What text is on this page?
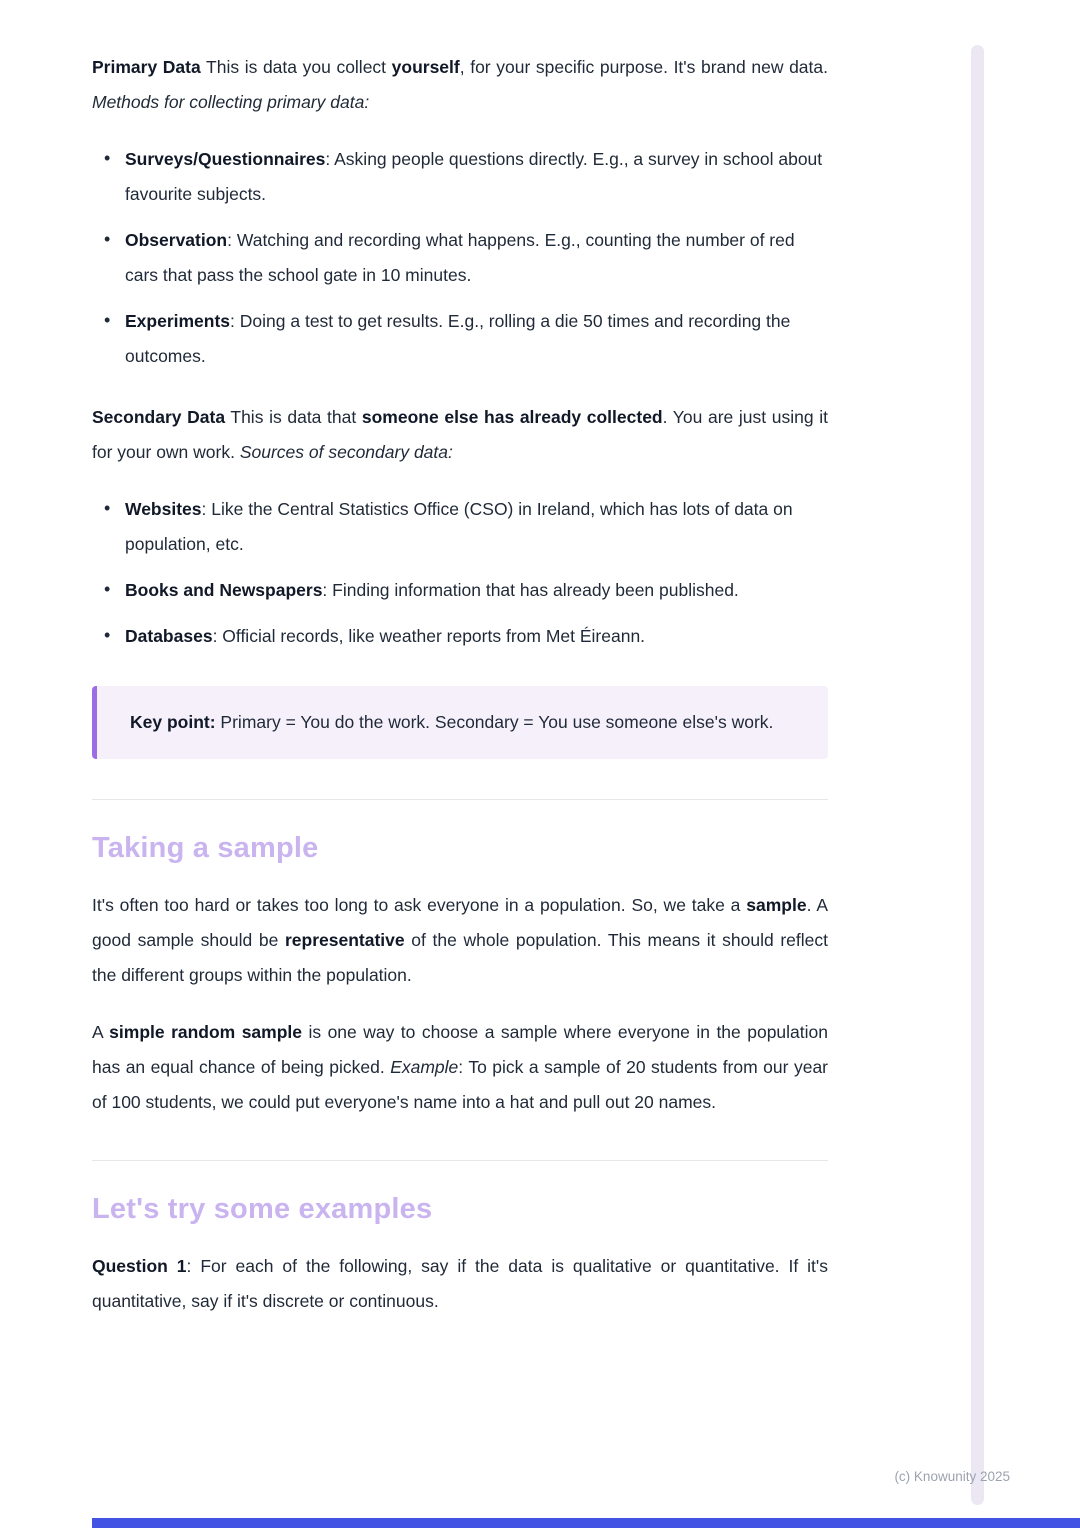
Primary Data This is data you collect yourself, for your specific purpose. It's brand new data. Methods for collecting primary data:

• Surveys/Questionnaires: Asking people questions directly. E.g., a survey in school about favourite subjects.
• Observation: Watching and recording what happens. E.g., counting the number of red cars that pass the school gate in 10 minutes.
• Experiments: Doing a test to get results. E.g., rolling a die 50 times and recording the outcomes.

Secondary Data This is data that someone else has already collected. You are just using it for your own work. Sources of secondary data:

• Websites: Like the Central Statistics Office (CSO) in Ireland, which has lots of data on population, etc.
• Books and Newspapers: Finding information that has already been published.
• Databases: Official records, like weather reports from Met Éireann.

Key point: Primary = You do the work. Secondary = You use someone else's work.

Taking a sample

It's often too hard or takes too long to ask everyone in a population. So, we take a sample. A good sample should be representative of the whole population. This means it should reflect the different groups within the population.

A simple random sample is one way to choose a sample where everyone in the population has an equal chance of being picked. Example: To pick a sample of 20 students from our year of 100 students, we could put everyone's name into a hat and pull out 20 names.

Let's try some examples

Question 1: For each of the following, say if the data is qualitative or quantitative. If it's quantitative, say if it's discrete or continuous.

(c) Knowunity 2025
